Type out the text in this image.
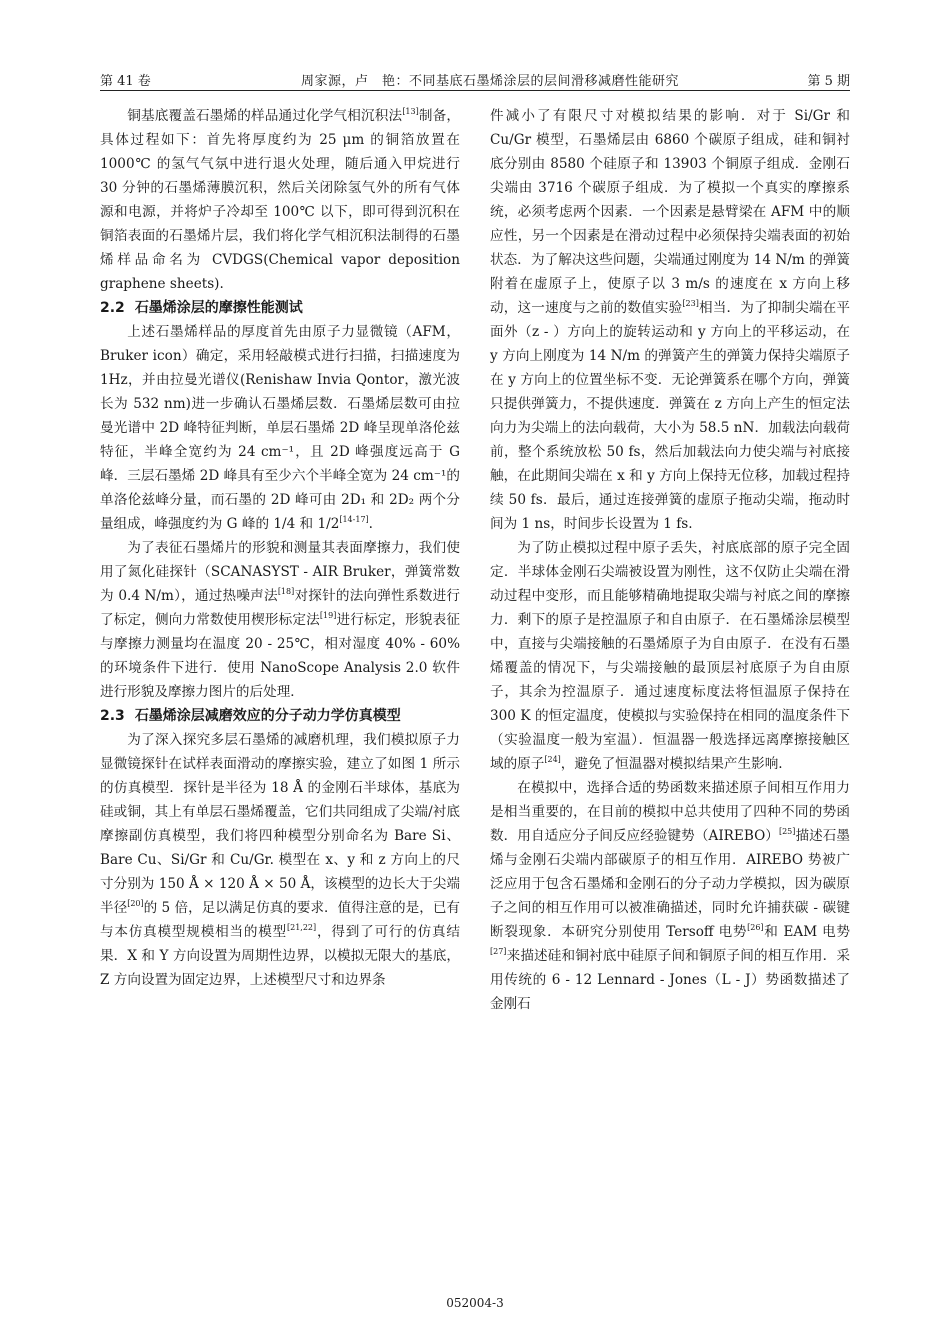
第 41 卷	周家源，卢　艳：不同基底石墨烯涂层的层间滑移减磨性能研究	第 5 期

铜基底覆盖石墨烯的样品通过化学气相沉积法[13]制备，具体过程如下：首先将厚度约为 25 μm 的铜箔放置在 1000℃ 的氢气气氛中进行退火处理，随后通入甲烷进行 30 分钟的石墨烯薄膜沉积，然后关闭除氢气外的所有气体源和电源，并将炉子冷却至 100℃ 以下，即可得到沉积在铜箔表面的石墨烯片层，我们将化学气相沉积法制得的石墨烯样品命名为 CVDGS(Chemical vapor deposition graphene sheets).

2.2 石墨烯涂层的摩擦性能测试

上述石墨烯样品的厚度首先由原子力显微镜（AFM，Bruker icon）确定，采用轻敲模式进行扫描，扫描速度为 1Hz，并由拉曼光谱仪(Renishaw Invia Qontor，激光波长为 532 nm)进一步确认石墨烯层数．石墨烯层数可由拉曼光谱中 2D 峰特征判断，单层石墨烯 2D 峰呈现单洛伦兹特征，半峰全宽约为 24 cm⁻¹，且 2D 峰强度远高于 G 峰．三层石墨烯 2D 峰具有至少六个半峰全宽为 24 cm⁻¹的单洛伦兹峰分量，而石墨的 2D 峰可由 2D₁ 和 2D₂ 两个分量组成，峰强度约为 G 峰的 1/4 和 1/2[14-17].

为了表征石墨烯片的形貌和测量其表面摩擦力，我们使用了氮化硅探针（SCANASYST - AIR Bruker，弹簧常数为 0.4 N/m），通过热噪声法[18]对探针的法向弹性系数进行了标定，侧向力常数使用楔形标定法[19]进行标定，形貌表征与摩擦力测量均在温度 20 - 25℃，相对湿度 40% - 60% 的环境条件下进行．使用 NanoScope Analysis 2.0 软件进行形貌及摩擦力图片的后处理．

2.3 石墨烯涂层减磨效应的分子动力学仿真模型

为了深入探究多层石墨烯的减磨机理，我们模拟原子力显微镜探针在试样表面滑动的摩擦实验，建立了如图 1 所示的仿真模型．探针是半径为 18 Å 的金刚石半球体，基底为硅或铜，其上有单层石墨烯覆盖，它们共同组成了尖端/衬底摩擦副仿真模型，我们将四种模型分别命名为 Bare Si、Bare Cu、Si/Gr 和 Cu/Gr. 模型在 x、y 和 z 方向上的尺寸分别为 150 Å × 120 Å × 50 Å，该模型的边长大于尖端半径[20]的 5 倍，足以满足仿真的要求．值得注意的是，已有与本仿真模型规模相当的模型[21,22]，得到了可行的仿真结果．X 和 Y 方向设置为周期性边界，以模拟无限大的基底，Z 方向设置为固定边界，上述模型尺寸和边界条

件减小了有限尺寸对模拟结果的影响．对于 Si/Gr 和 Cu/Gr 模型，石墨烯层由 6860 个碳原子组成，硅和铜衬底分别由 8580 个硅原子和 13903 个铜原子组成．金刚石尖端由 3716 个碳原子组成．为了模拟一个真实的摩擦系统，必须考虑两个因素．一个因素是悬臂梁在 AFM 中的顺应性，另一个因素是在滑动过程中必须保持尖端表面的初始状态．为了解决这些问题，尖端通过刚度为 14 N/m 的弹簧附着在虚原子上，使原子以 3 m/s 的速度在 x 方向上移动，这一速度与之前的数值实验[23]相当．为了抑制尖端在平面外（z - ）方向上的旋转运动和 y 方向上的平移运动，在 y 方向上刚度为 14 N/m 的弹簧产生的弹簧力保持尖端原子在 y 方向上的位置坐标不变．无论弹簧系在哪个方向，弹簧只提供弹簧力，不提供速度．弹簧在 z 方向上产生的恒定法向力为尖端上的法向载荷，大小为 58.5 nN．加载法向载荷前，整个系统放松 50 fs，然后加载法向力使尖端与衬底接触，在此期间尖端在 x 和 y 方向上保持无位移，加载过程持续 50 fs．最后，通过连接弹簧的虚原子拖动尖端，拖动时间为 1 ns，时间步长设置为 1 fs.

为了防止模拟过程中原子丢失，衬底底部的原子完全固定．半球体金刚石尖端被设置为刚性，这不仅防止尖端在滑动过程中变形，而且能够精确地提取尖端与衬底之间的摩擦力．剩下的原子是控温原子和自由原子．在石墨烯涂层模型中，直接与尖端接触的石墨烯原子为自由原子．在没有石墨烯覆盖的情况下，与尖端接触的最顶层衬底原子为自由原子，其余为控温原子．通过速度标度法将恒温原子保持在 300 K 的恒定温度，使模拟与实验保持在相同的温度条件下（实验温度一般为室温）．恒温器一般选择远离摩擦接触区域的原子[24]，避免了恒温器对模拟结果产生影响.

在模拟中，选择合适的势函数来描述原子间相互作用力是相当重要的，在目前的模拟中总共使用了四种不同的势函数．用自适应分子间反应经验键势（AIREBO）[25]描述石墨烯与金刚石尖端内部碳原子的相互作用．AIREBO 势被广泛应用于包含石墨烯和金刚石的分子动力学模拟，因为碳原子之间的相互作用可以被准确描述，同时允许捕获碳 - 碳键断裂现象．本研究分别使用 Tersoff 电势[26]和 EAM 电势[27]来描述硅和铜衬底中硅原子间和铜原子间的相互作用．采用传统的 6 - 12 Lennard - Jones（L - J）势函数描述了金刚石

052004-3
